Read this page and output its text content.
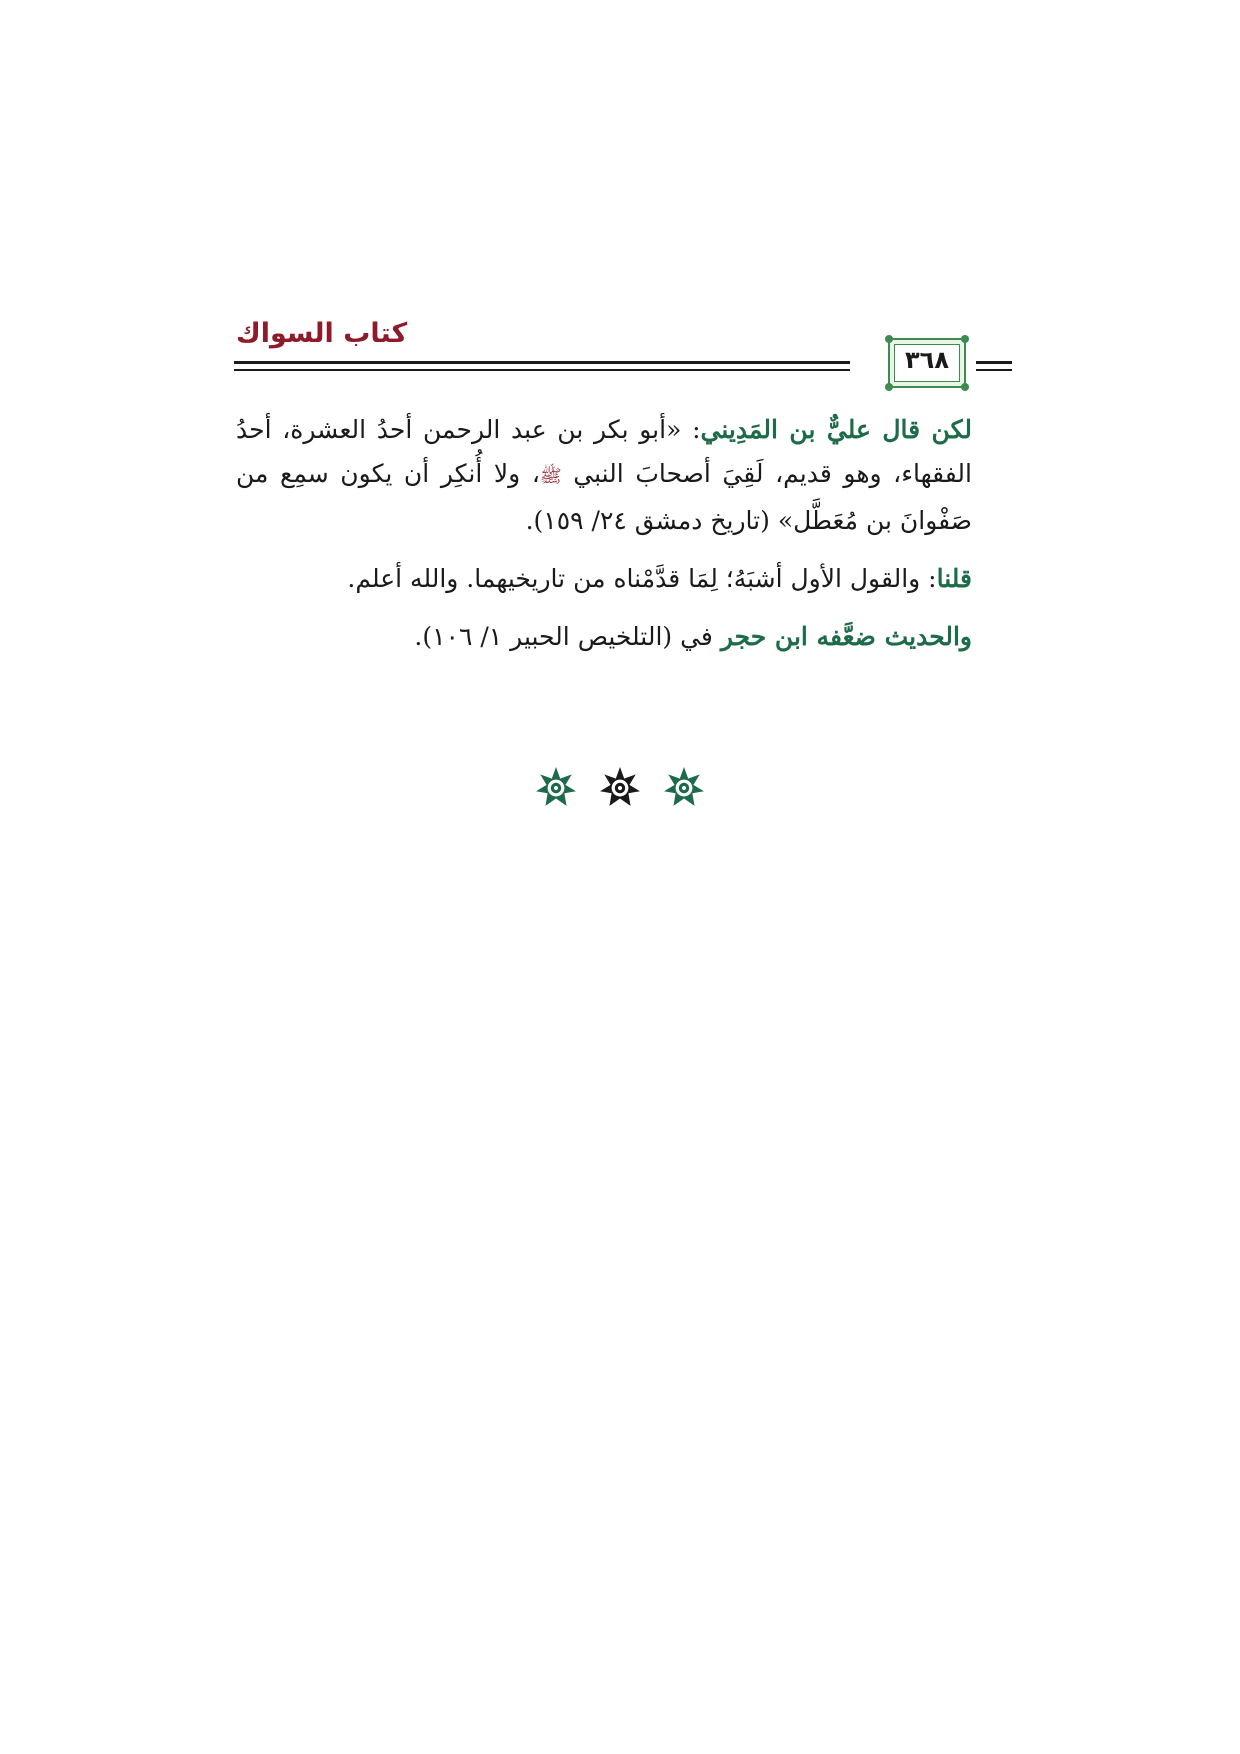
كتاب السواك
٣٦٨

لكن قال عليٌّ بن المَدِيني: «أبو بكر بن عبد الرحمن أحدُ العشرة، أحدُ الفقهاء، وهو قديم، لَقِيَ أصحابَ النبي ﷺ، ولا أُنكِر أن يكون سمِع من صَفْوانَ بن مُعَطَّل» (تاريخ دمشق ٢٤/ ١٥٩).

قلنا: والقول الأول أشبَهُ؛ لِمَا قدَّمْناه من تاريخيهما. والله أعلم.

والحديث ضعَّفه ابن حجر في (التلخيص الحبير ١/ ١٠٦).
